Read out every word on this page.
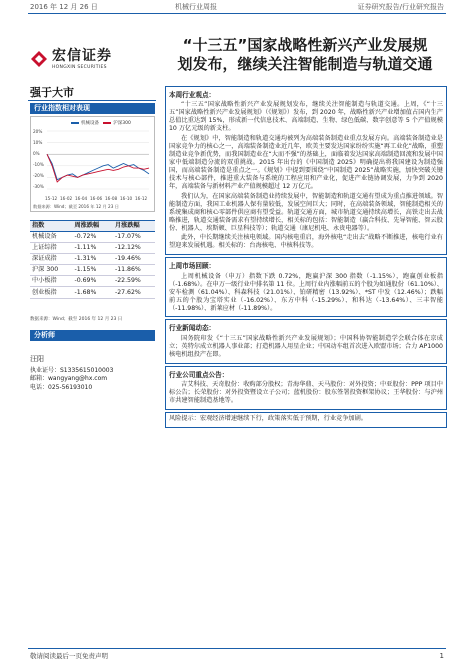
2016 年 12 月 26 日	机械行业周报	证券研究报告/行业研究报告
宏信证券
HONGXIN SECURITIES
“十三五”国家战略性新兴产业发展规
划发布，继续关注智能制造与轨道交通
强于大市
行业指数相对表现
机械设备	沪深300
20%
10%
0%
-10%
-20%
-30%
15-12 16-02 16-04 16-06 16-08 16-10 16-12
数据来源：Wind；截至 2016 年 12 月 23 日
指数	周涨跌幅	月涨跌幅
机械设备	-0.72%	-17.07%
上证综指	-1.11%	-12.12%
深证成指	-1.31%	-19.46%
沪深 300	-1.15%	-11.86%
中小板指	-0.69%	-22.59%
创业板指	-1.68%	-27.62%
数据来源：Wind；截至 2016 年 12 月 23 日
分析师
汪阳
执业证号：S1335615010003
邮箱：wangyang@hx.com
电话：025-56193010
本周行业观点：

“十三五”国家战略性新兴产业发展规划发布，继续关注智能制造与轨道交通。上周，《“十三五”国家战略性新兴产业发展规划》（《规划》）发布，到 2020 年，战略性新兴产业增加值占国内生产总值比重达到 15%，形成新一代信息技术、高端制造、生物、绿色低碳、数字创意等 5 个产值规模 10 万亿元级的新支柱。

在《规划》中，智能制造和轨道交通均被列为高端装备制造业重点发展方向。高端装备制造业是国家竞争力的核心之一，高端装备制造业近几年，欧美主要发达国家纷纷实施“再工业化”战略，重塑制造业竞争新优势，而我国制造业在“大而不强”的基础上，面临着发达国家高端制造回流和发展中国家中低端制造分流的双重挑战。2015 年出台的《中国制造 2025》明确提出将我国建设为制造强国，而高端装备制造是重点之一。《规划》中提到要围绕“中国制造 2025”战略实施，加快突破关键技术与核心部件，推进重大装备与系统的工程应用和产业化，促进产业链协调发展，力争到 2020 年，高端装备与新材料产业产值规模超过 12 万亿元。

我们认为，在国家高端装备制造业持续发展中，智能制造和轨道交通有望成为重点推进领域。智能制造方面，我国工业机器人保有量较低，发展空间巨大；同时，在高端装备领域，智能制造相关的系统集成商和核心零部件供应商有望受益。轨道交通方面，城市轨道交通持续高增长，高铁走出去战略推进，轨道交通装备需求有望持续增长，相关标的包括：智能制造（赢合科技、先导智能、智云股份、机器人、埃斯顿、巨星科技等）；轨道交通（康尼机电、永贵电器等）。

此外，中长期继续关注核电领域。国内核电重启，海外核电“走出去”战略不断推进，核电行业有望迎来发展机遇。相关标的：台海核电、中核科技等。

上周市场回顾：

上周机械设备（申万）指数下跌 0.72%，跑赢沪深 300 指数（-1.15%），跑赢创业板指（-1.68%）。在申万一级行业中排名第 11 位。上周行业内涨幅前五的个股为如通股份（61.10%）、安车检测（61.04%）、科森科技（21.01%）、铂研精密（13.92%）、*ST 中发（12.46%）；跌幅前五的个股为宝塔实业（-16.02%）、东方中科（-15.29%）、和科达（-13.64%）、三丰智能（-11.98%）、新莱应材（-11.89%）。

行业新闻动态：

国务院印发《“十三五”国家战略性新兴产业发展规划》；中国科协智能制造学会联合体在京成立；英特尔成立机器人事业部；打造机器人用星企业；中国动车组首次进入欧盟市场；合力 AP1000 核电机组投产在即。

行业公司重点公告：

吉艾科技、天奇股份：收购部分股权；青海华鼎、天马股份：对外投资；中亚股份：PPP 项目中标公告；长荣股份：对外投资暨设立子公司；蓝机股份：股东签署投资框架协议；王华股份：与沪州市共建智能制造基地等。

风险提示：宏观经济增速继续下行，政策落实低于预期，行业竞争加剧。

敬请阅读最后一页免责声明	1
